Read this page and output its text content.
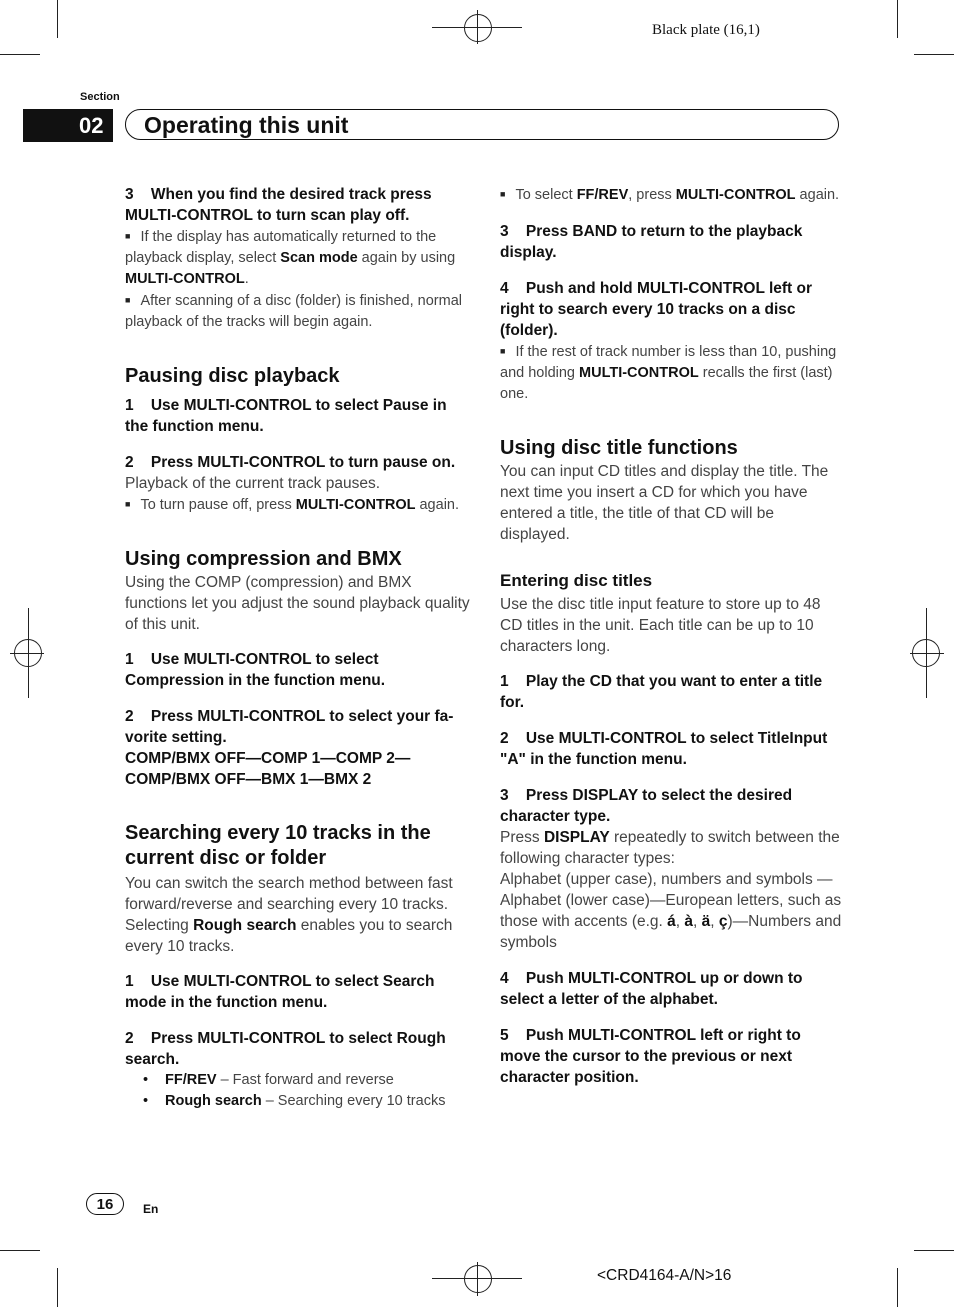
Black plate (16,1)
Section
02	Operating this unit

3 When you find the desired track press MULTI-CONTROL to turn scan play off.

■ If the display has automatically returned to the playback display, select Scan mode again by using MULTI-CONTROL.

■ After scanning of a disc (folder) is finished, normal playback of the tracks will begin again.

Pausing disc playback

1 Use MULTI-CONTROL to select Pause in the function menu.

2 Press MULTI-CONTROL to turn pause on.

Playback of the current track pauses.

■ To turn pause off, press MULTI-CONTROL again.

Using compression and BMX

Using the COMP (compression) and BMX functions let you adjust the sound playback quality of this unit.

1 Use MULTI-CONTROL to select Compression in the function menu.

2 Press MULTI-CONTROL to select your fa-vorite setting.

COMP/BMX OFF—COMP 1—COMP 2—

COMP/BMX OFF—BMX 1—BMX 2

Searching every 10 tracks in the current disc or folder

You can switch the search method between fast forward/reverse and searching every 10 tracks. Selecting Rough search enables you to search every 10 tracks.

1 Use MULTI-CONTROL to select Search mode in the function menu.

2 Press MULTI-CONTROL to select Rough search.

• FF/REV – Fast forward and reverse

• Rough search – Searching every 10 tracks

■ To select FF/REV, press MULTI-CONTROL again.

3 Press BAND to return to the playback display.

4 Push and hold MULTI-CONTROL left or right to search every 10 tracks on a disc (folder).

■ If the rest of track number is less than 10, pushing and holding MULTI-CONTROL recalls the first (last) one.

Using disc title functions

You can input CD titles and display the title. The next time you insert a CD for which you have entered a title, the title of that CD will be displayed.

Entering disc titles

Use the disc title input feature to store up to 48 CD titles in the unit. Each title can be up to 10 characters long.

1 Play the CD that you want to enter a title for.

2 Use MULTI-CONTROL to select TitleInput "A" in the function menu.

3 Press DISPLAY to select the desired character type.

Press DISPLAY repeatedly to switch between the following character types:

Alphabet (upper case), numbers and symbols —Alphabet (lower case)—European letters, such as those with accents (e.g. á, à, ä, ç)—Numbers and symbols

4 Push MULTI-CONTROL up or down to select a letter of the alphabet.

5 Push MULTI-CONTROL left or right to move the cursor to the previous or next character position.

16	En
<CRD4164-A/N>16
